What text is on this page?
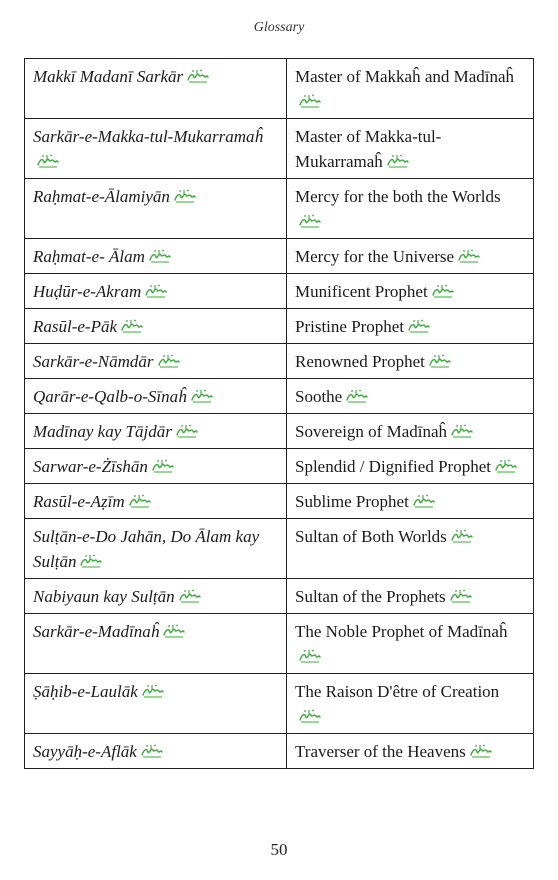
Glossary
Makkī Madanī Sarkār	Master of Makkaĥ and Madīnaĥ
Sarkār-e-Makka-tul-Mukarramaĥ	Master of Makka-tul-Mukarramaĥ
Raḥmat-e-Ālamiyān	Mercy for the both the Worlds
Raḥmat-e- Ālam	Mercy for the Universe
Huḍūr-e-Akram	Munificent Prophet
Rasūl-e-Pāk	Pristine Prophet
Sarkār-e-Nāmdār	Renowned Prophet
Qarār-e-Qalb-o-Sīnaĥ	Soothe
Madīnay kay Tājdār	Sovereign of Madīnaĥ
Sarwar-e-Żīshān	Splendid / Dignified Prophet
Rasūl-e-Aẓīm	Sublime Prophet
Sulṭān-e-Do Jahān, Do Ālam kay Sulṭān	Sultan of Both Worlds
Nabiyaun kay Sulṭān	Sultan of the Prophets
Sarkār-e-Madīnaĥ	The Noble Prophet of Madīnaĥ
Ṣāḥib-e-Laulāk	The Raison D'être of Creation
Sayyāḥ-e-Aflāk	Traverser of the Heavens
50
